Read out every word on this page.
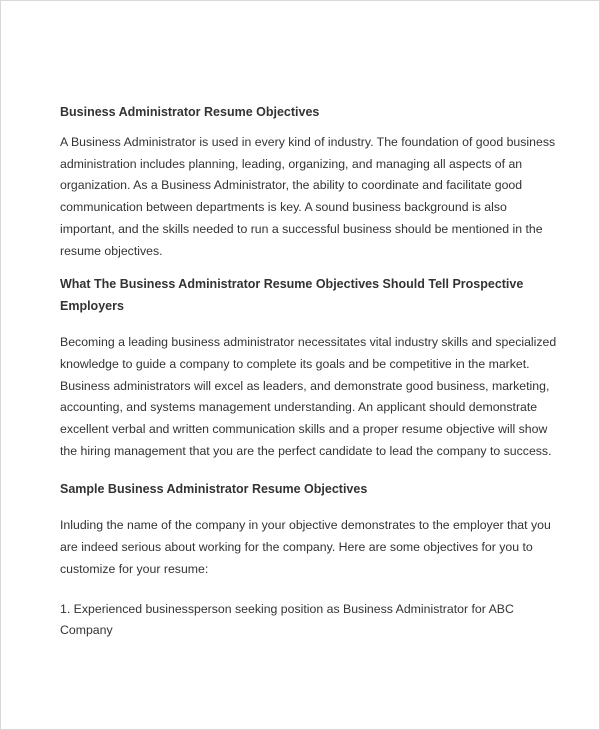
Business Administrator Resume Objectives

A Business Administrator is used in every kind of industry. The foundation of good business administration includes planning, leading, organizing, and managing all aspects of an organization. As a Business Administrator, the ability to coordinate and facilitate good communication between departments is key. A sound business background is also important, and the skills needed to run a successful business should be mentioned in the resume objectives.

What The Business Administrator Resume Objectives Should Tell Prospective Employers

Becoming a leading business administrator necessitates vital industry skills and specialized knowledge to guide a company to complete its goals and be competitive in the market. Business administrators will excel as leaders, and demonstrate good business, marketing, accounting, and systems management understanding. An applicant should demonstrate excellent verbal and written communication skills and a proper resume objective will show the hiring management that you are the perfect candidate to lead the company to success.

Sample Business Administrator Resume Objectives

Inluding the name of the company in your objective demonstrates to the employer that you are indeed serious about working for the company. Here are some objectives for you to customize for your resume:

1. Experienced businessperson seeking position as Business Administrator for ABC Company
